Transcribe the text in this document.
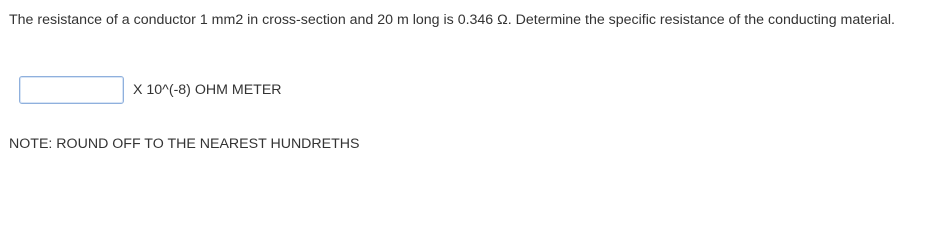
The resistance of a conductor 1 mm2 in cross-section and 20 m long is 0.346 Ω. Determine the specific resistance of the conducting material.
X 10^(-8) OHM METER
NOTE: ROUND OFF TO THE NEAREST HUNDRETHS
